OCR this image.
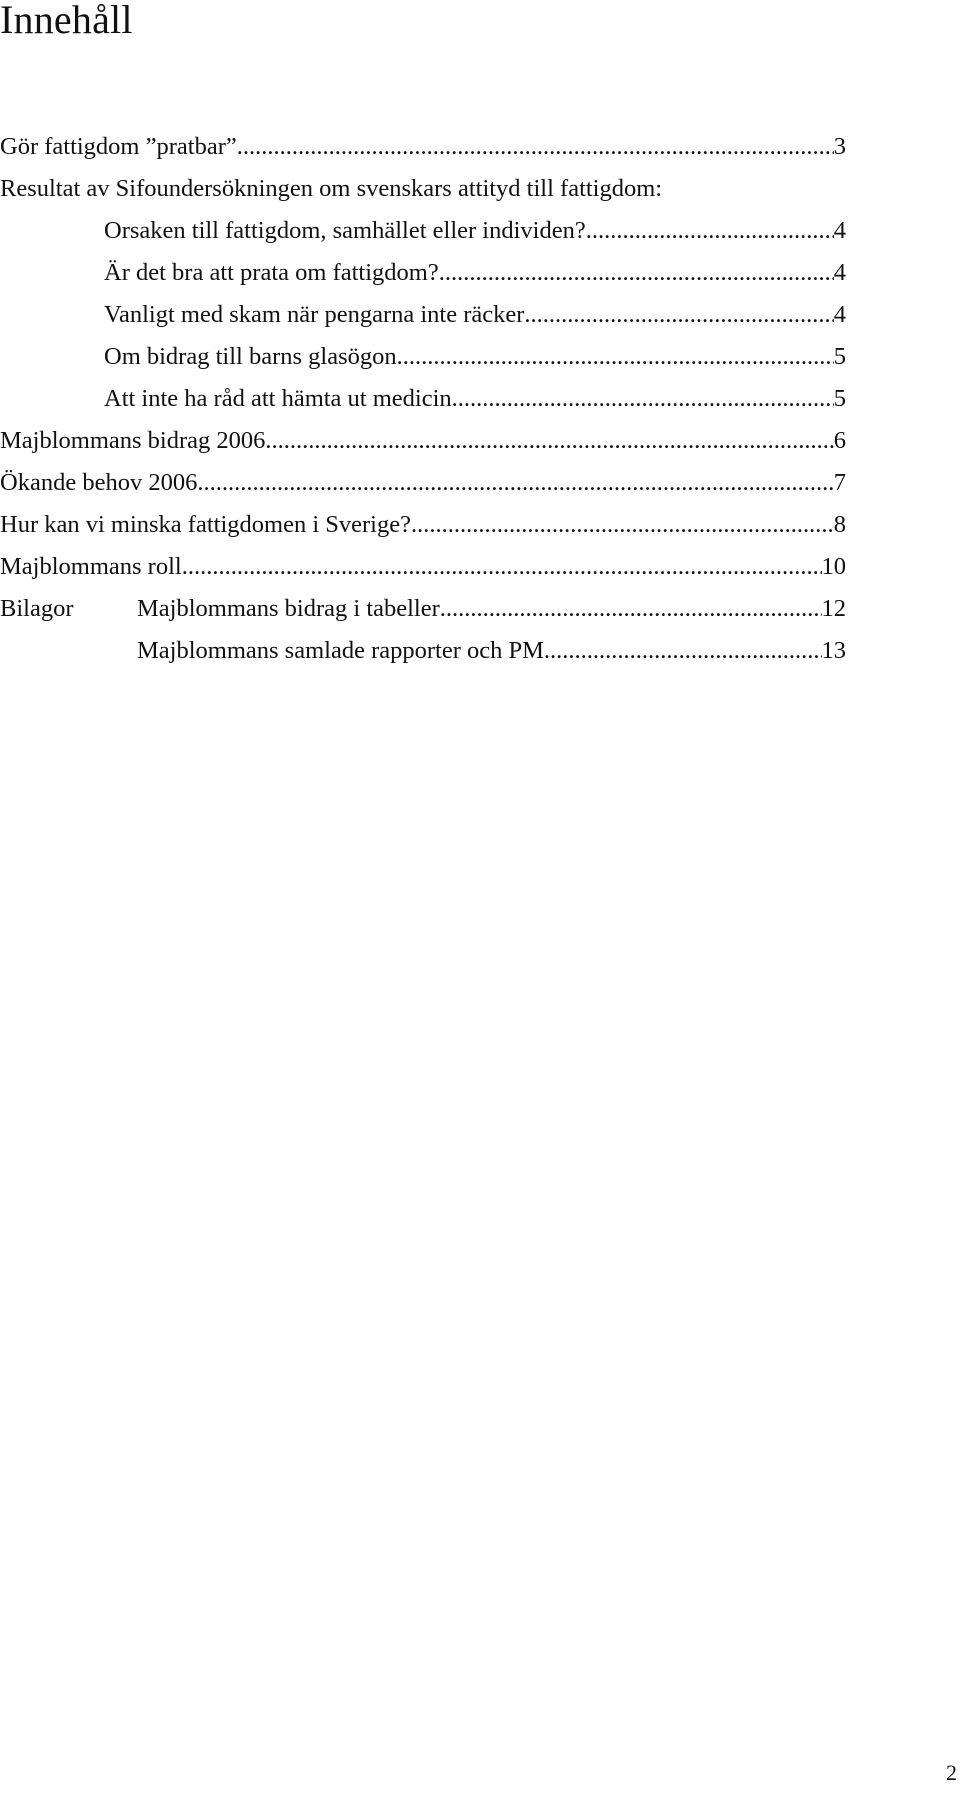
Innehåll
Gör fattigdom ”pratbar” .....	3
Resultat av Sifoundersökningen om svenskars attityd till fattigdom:
Orsaken till fattigdom, samhället eller individen? .....	4
Är det bra att prata om fattigdom? .....	4
Vanligt med skam när pengarna inte räcker .....	4
Om bidrag till barns glasögon .....	5
Att inte ha råd att hämta ut medicin .....	5
Majblommans bidrag 2006 .....	6
Ökande behov 2006 .....	7
Hur kan vi minska fattigdomen i Sverige? .....	8
Majblommans roll .....	10
Bilagor	Majblommans bidrag i tabeller .....	12
Majblommans samlade rapporter och PM .....	13
2
